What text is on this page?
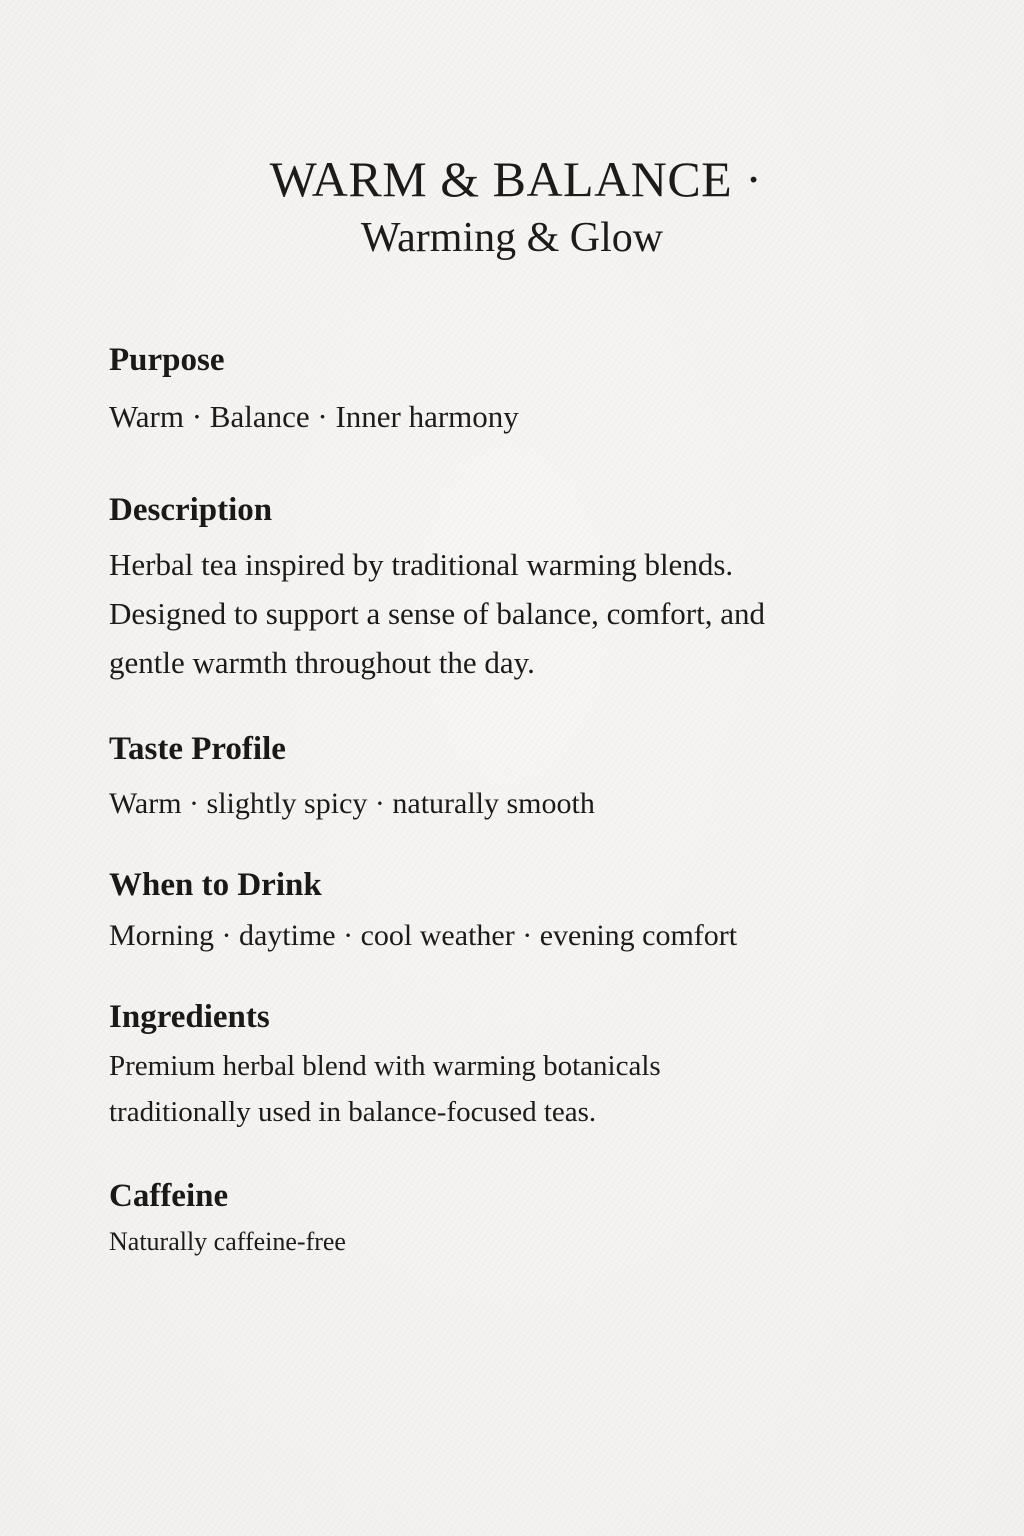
WARM & BALANCE ·
Warming & Glow
Purpose

Warm · Balance · Inner harmony

Description
Herbal tea inspired by traditional warming blends.
Designed to support a sense of balance, comfort, and
gentle warmth throughout the day.
Taste Profile

Warm · slightly spicy · naturally smooth

When to Drink

Morning · daytime · cool weather · evening comfort

Ingredients
Premium herbal blend with warming botanicals
traditionally used in balance-focused teas.
Caffeine

Naturally caffeine-free
